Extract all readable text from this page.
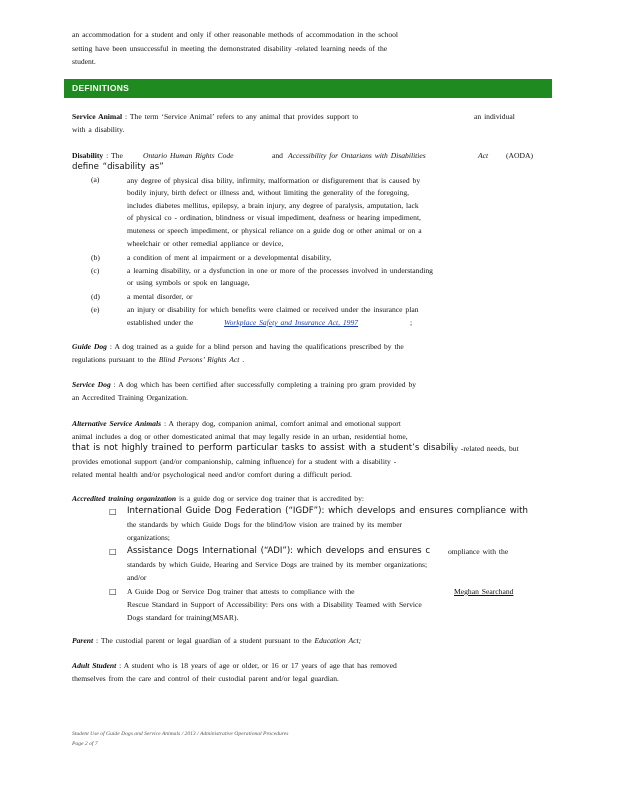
an accommodation for a student and only if other reasonable methods of accommodation in the school
setting have been unsuccessful in meeting the demonstrated disability -related learning needs of the
student.
DEFINITIONS
Service Animal : The term ‘Service Animal’ refers to any animal that provides support to	an individual
with a disability.
Disability : The	Ontario Human Rights Code	and Accessibility for Ontarians with Disabilities	Act (AODA)
define “disability as”
(a)	any degree of physical disa bility, infirmity, malformation or disfigurement that is caused by
bodily injury, birth defect or illness and, without limiting the generality of the foregoing,
includes diabetes mellitus, epilepsy, a brain injury, any degree of paralysis, amputation, lack
of physical co - ordination, blindness or visual impediment, deafness or hearing impediment,
muteness or speech impediment, or physical reliance on a guide dog or other animal or on a
wheelchair or other remedial appliance or device,
(b)	a condition of ment al impairment or a developmental disability,
(c)	a learning disability, or a dysfunction in one or more of the processes involved in understanding
or using symbols or spok en language,
(d)	a mental disorder, or
(e)	an injury or disability for which benefits were claimed or received under the insurance plan
established under the	Workplace Safety and Insurance Act, 1997	;
Guide Dog : A dog trained as a guide for a blind person and having the qualifications prescribed by the
regulations pursuant to the Blind Persons’ Rights Act .
Service Dog : A dog which has been certified after successfully completing a training pro gram provided by
an Accredited Training Organization.
Alternative Service Animals : A therapy dog, companion animal, comfort animal and emotional support
animal includes a dog or other domesticated animal that may legally reside in an urban, residential home,
that is not highly trained to perform particular tasks to assist with a student’s disabili
ty -related needs, but
provides emotional support (and/or companionship, calming influence) for a student with a disability -
related mental health and/or psychological need and/or comfort during a difficult period.
Accredited training organization is a guide dog or service dog trainer that is accredited by:
□ International Guide Dog Federation (“IGDF”): which develops and ensures compliance with
the standards by which Guide Dogs for the blind/low vision are trained by its member
organizations;
□ Assistance Dogs International (“ADI”): which develops and ensures c ompliance with the
standards by which Guide, Hearing and Service Dogs are trained by its member organizations;
and/or
□ A Guide Dog or Service Dog trainer that attests to compliance with the	Meghan Searchand
Rescue Standard in Support of Accessibility: Pers ons with a Disability Teamed with Service
Dogs standard for training(MSAR).
Parent : The custodial parent or legal guardian of a student pursuant to the Education Act;
Adult Student : A student who is 18 years of age or older, or 16 or 17 years of age that has removed
themselves from the care and control of their custodial parent and/or legal guardian.
Student Use of Guide Dogs and Service Animals / 2013 / Administrative Operational Procedures
Page 2 of 7
